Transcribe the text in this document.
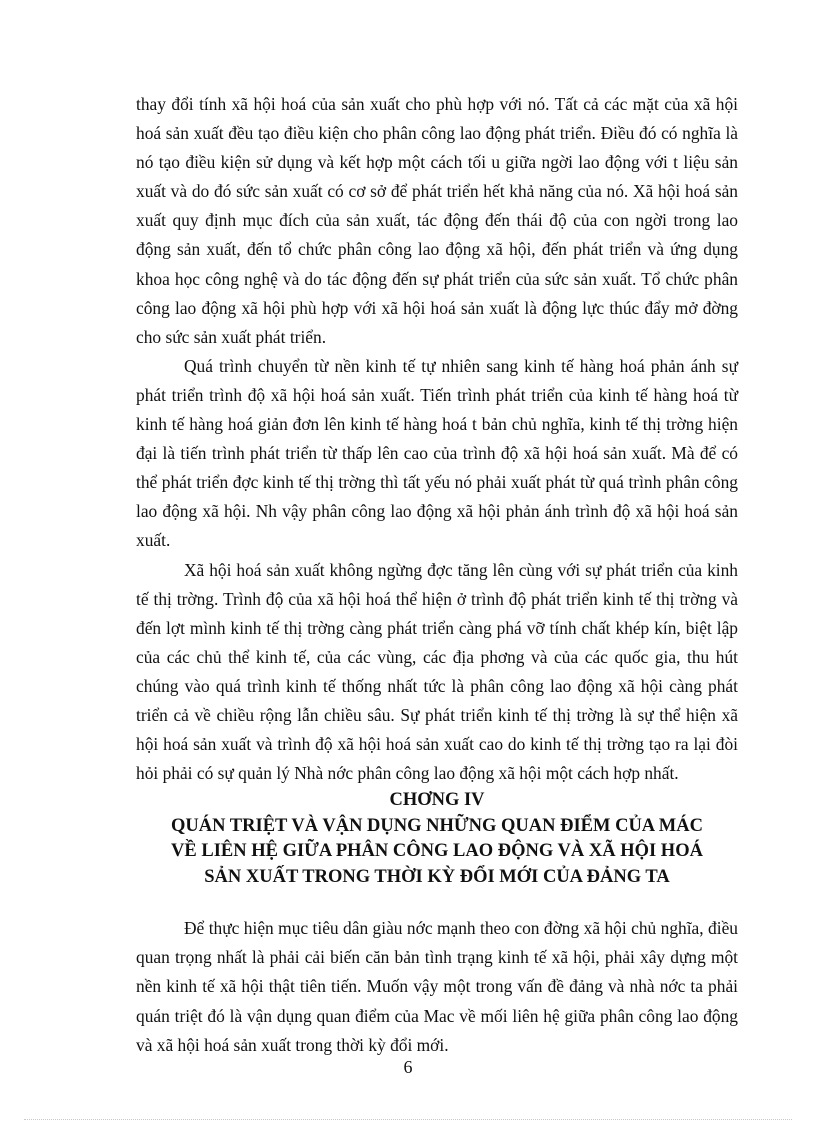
thay đổi tính xã hội hoá của sản xuất cho phù hợp với nó. Tất cả các mặt của xã hội hoá sản xuất đều tạo điều kiện cho phân công lao động phát triển. Điều đó có nghĩa là nó tạo điều kiện sử dụng và kết hợp một cách tối u giữa ngời lao động với t liệu sản xuất và do đó sức sản xuất có cơ sở để phát triển hết khả năng của nó. Xã hội hoá sản xuất quy định mục đích của sản xuất, tác động đến thái độ của con ngời trong lao động sản xuất, đến tổ chức phân công lao động xã hội, đến phát triển và ứng dụng khoa học công nghệ và do tác động đến sự phát triển của sức sản xuất. Tổ chức phân công lao động xã hội phù hợp với xã hội hoá sản xuất là động lực thúc đẩy mở đờng cho sức sản xuất phát triển.

Quá trình chuyển từ nền kinh tế tự nhiên sang kinh tế hàng hoá phản ánh sự phát triển trình độ xã hội hoá sản xuất. Tiến trình phát triển của kinh tế hàng hoá từ kinh tế hàng hoá giản đơn lên kinh tế hàng hoá t bản chủ nghĩa, kinh tế thị trờng hiện đại là tiến trình phát triển từ thấp lên cao của trình độ xã hội hoá sản xuất. Mà để có thể phát triển đợc kinh tế thị trờng thì tất yếu nó phải xuất phát từ quá trình phân công lao động xã hội. Nh vậy phân công lao động xã hội phản ánh trình độ xã hội hoá sản xuất.

Xã hội hoá sản xuất không ngừng đợc tăng lên cùng với sự phát triển của kinh tế thị trờng. Trình độ của xã hội hoá thể hiện ở trình độ phát triển kinh tế thị trờng và đến lợt mình kinh tế thị trờng càng phát triển càng phá vỡ tính chất khép kín, biệt lập của các chủ thể kinh tế, của các vùng, các địa phơng và của các quốc gia, thu hút chúng vào quá trình kinh tế thống nhất tức là phân công lao động xã hội càng phát triển cả về chiều rộng lẫn chiều sâu. Sự phát triển kinh tế thị trờng là sự thể hiện xã hội hoá sản xuất và trình độ xã hội hoá sản xuất cao do kinh tế thị trờng tạo ra lại đòi hỏi phải có sự quản lý Nhà nớc phân công lao động xã hội một cách hợp nhất.

CHƠNG IV

QUÁN TRIỆT VÀ VẬN DỤNG NHỮNG QUAN ĐIỂM CỦA MÁC

VỀ LIÊN HỆ GIỮA PHÂN CÔNG LAO ĐỘNG VÀ XÃ HỘI HOÁ

SẢN XUẤT TRONG THỜI KỲ ĐỔI MỚI CỦA ĐẢNG TA

Để thực hiện mục tiêu dân giàu nớc mạnh theo con đờng xã hội chủ nghĩa, điều quan trọng nhất là phải cải biến căn bản tình trạng kinh tế xã hội, phải xây dựng một nền kinh tế xã hội thật tiên tiến. Muốn vậy một trong vấn đề đảng và nhà nớc ta phải quán triệt đó là vận dụng quan điểm của Mac về mối liên hệ giữa phân công lao động và xã hội hoá sản xuất trong thời kỳ đổi mới.

6
